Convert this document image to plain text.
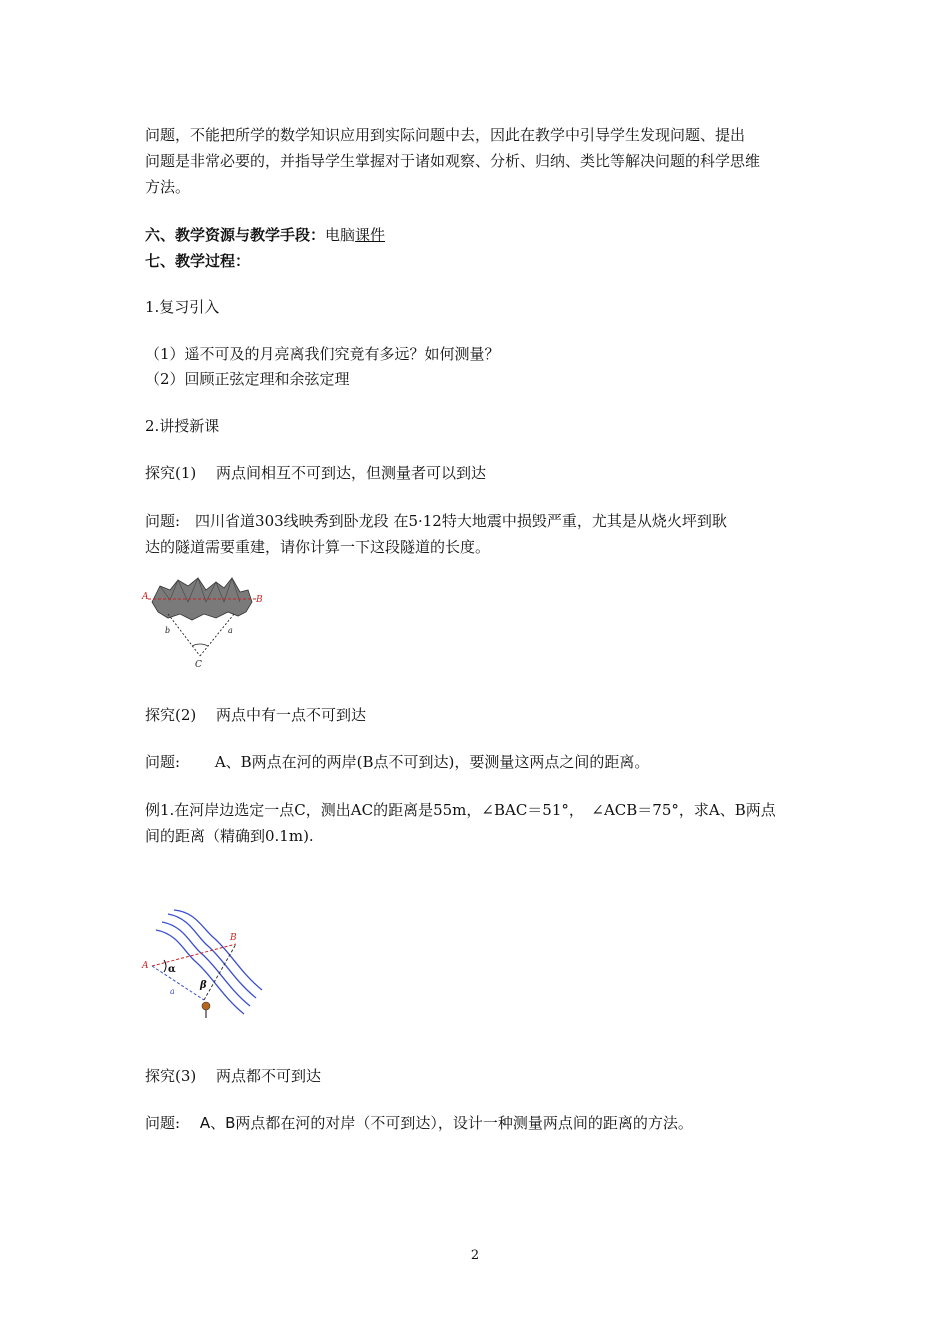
问题，不能把所学的数学知识应用到实际问题中去，因此在教学中引导学生发现问题、提出

问题是非常必要的，并指导学生掌握对于诸如观察、分析、归纳、类比等解决问题的科学思维

方法。

六、教学资源与教学手段：电脑课件

七、教学过程：

1.复习引入

（1）遥不可及的月亮离我们究竟有多远？如何测量？

（2）回顾正弦定理和余弦定理

2.讲授新课

探究(1)　 两点间相互不可到达，但测量者可以到达

问题:　四川省道303线映秀到卧龙段 在5·12特大地震中损毁严重，尤其是从烧火坪到耿

达的隧道需要重建，请你计算一下这段隧道的长度。

A	B
b	a
C

探究(2)　 两点中有一点不可到达

问题:　　 A、B两点在河的两岸(B点不可到达)，要测量这两点之间的距离。

例1.在河岸边选定一点C，测出AC的距离是55m，∠BAC＝51°，　∠ACB＝75°，求A、B两点

间的距离（精确到0.1m).

A
B
α
β
a

探究(3)　 两点都不可到达

问题:　 A、B两点都在河的对岸（不可到达），设计一种测量两点间的距离的方法。

2
